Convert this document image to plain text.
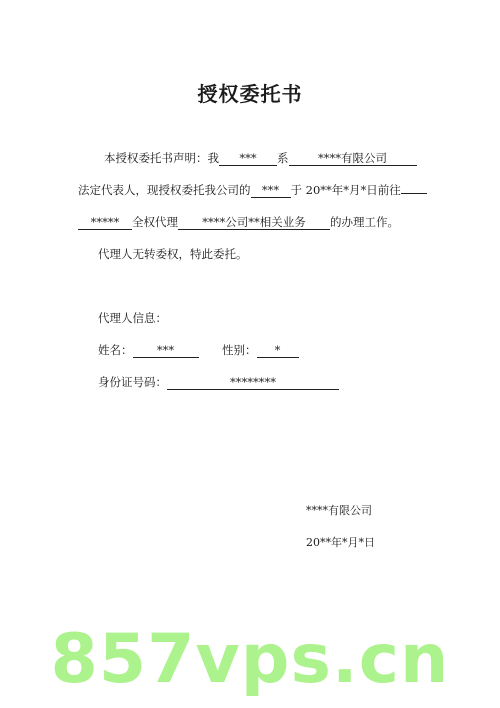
授权委托书
本授权委托书声明：我 *** 系	****有限公司
法定代表人，现授权委托我公司的 *** 于 20**年*月*日前往
***** 全权代理 ****公司**相关业务 的办理工作。
代理人无转委权，特此委托。
代理人信息：
姓名： ***	性别： *
身份证号码：	********
****有限公司
20**年*月*日
857vps.cn
